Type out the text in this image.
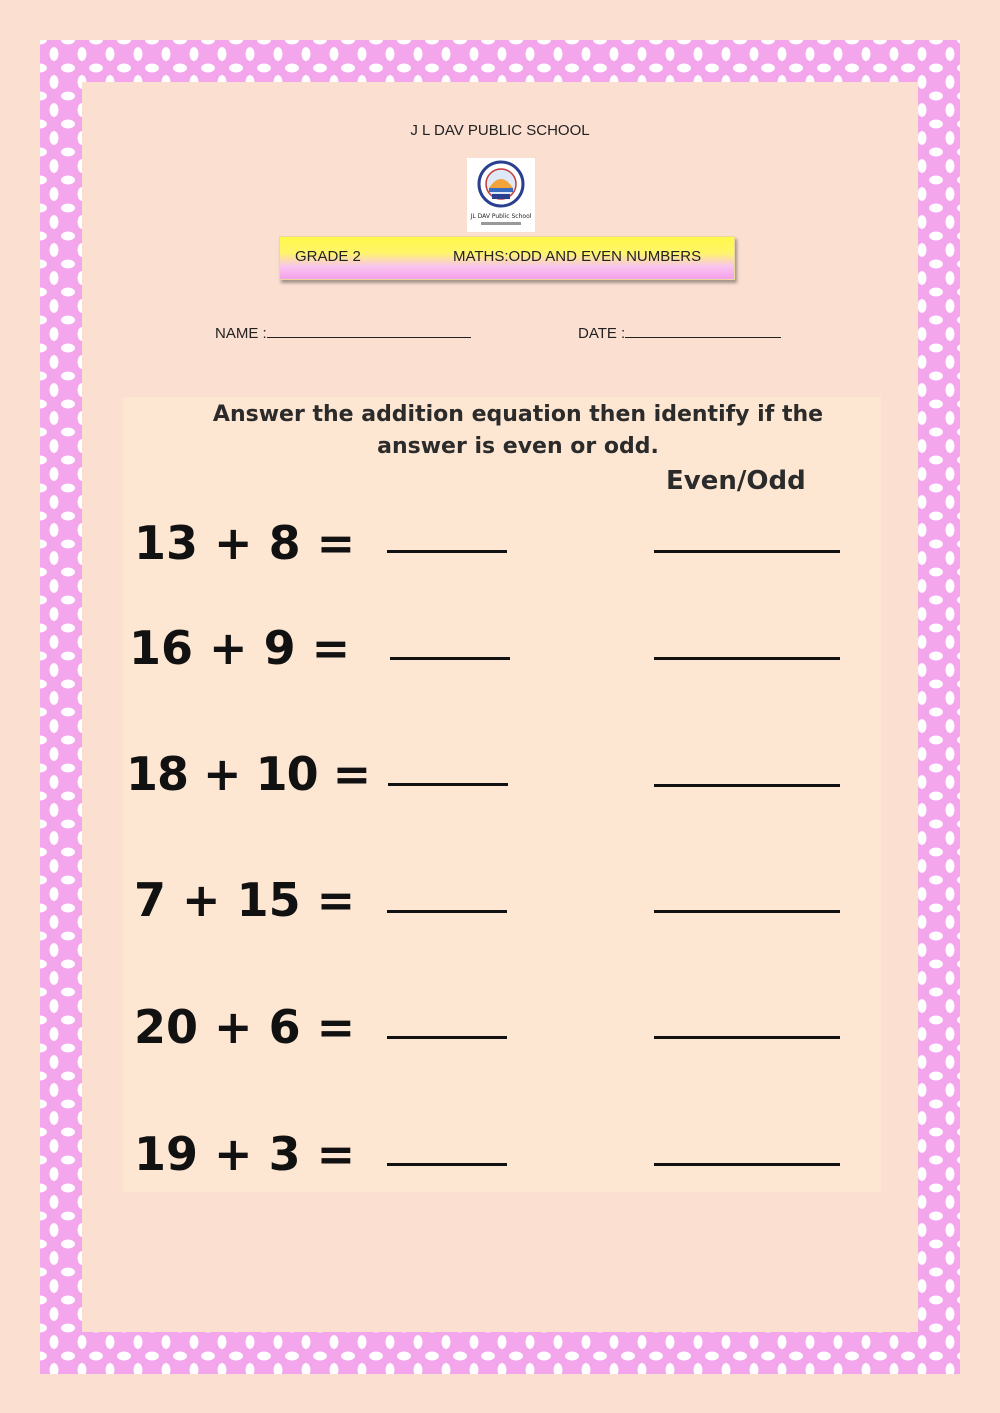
J L DAV PUBLIC SCHOOL
JL DAV Public School
GRADE 2	MATHS:ODD AND EVEN NUMBERS
NAME :	DATE :
Answer the addition equation then identify if the
answer is even or odd.
Even/Odd
13 + 8 =
16 + 9 =
18 + 10 =
7 + 15 =
20 + 6 =
19 + 3 =
